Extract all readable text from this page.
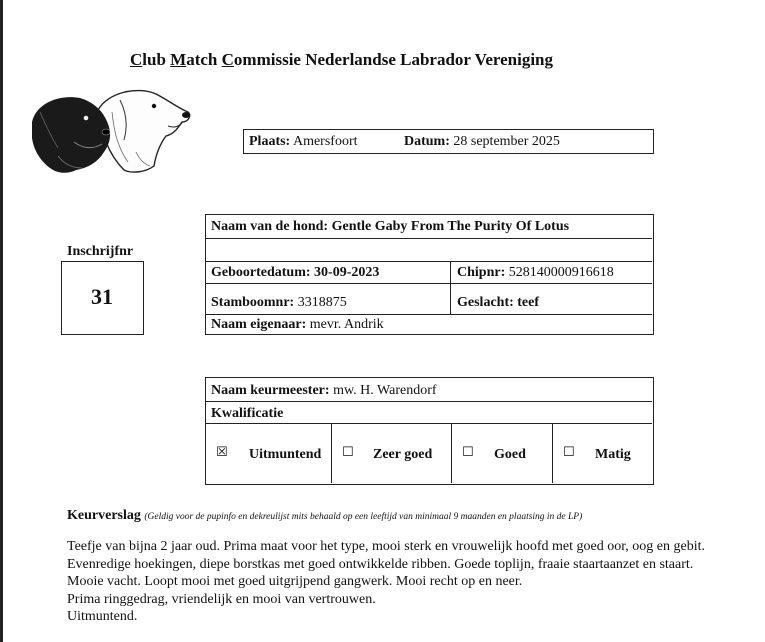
Club Match Commissie Nederlandse Labrador Vereniging
Plaats: Amersfoort	Datum: 28 september 2025
Inschrijfnr
31
Naam van de hond: Gentle Gaby From The Purity Of Lotus
Geboortedatum: 30-09-2023	Chipnr: 528140000916618
Stamboomnr: 3318875	Geslacht: teef
Naam eigenaar: mevr. Andrik
Naam keurmeester: mw. H. Warendorf
Kwalificatie
☒ Uitmuntend ☐ Zeer goed ☐ Goed	☐ Matig
Keurverslag (Geldig voor de pupinfo en dekreulijst mits behaald op een leeftijd van minimaal 9 maanden en plaatsing in de LP)
Teefje van bijna 2 jaar oud. Prima maat voor het type, mooi sterk en vrouwelijk hoofd met goed oor, oog en gebit.
Evenredige hoekingen, diepe borstkas met goed ontwikkelde ribben. Goede toplijn, fraaie staartaanzet en staart.
Mooie vacht. Loopt mooi met goed uitgrijpend gangwerk. Mooi recht op en neer.
Prima ringgedrag, vriendelijk en mooi van vertrouwen.
Uitmuntend.
